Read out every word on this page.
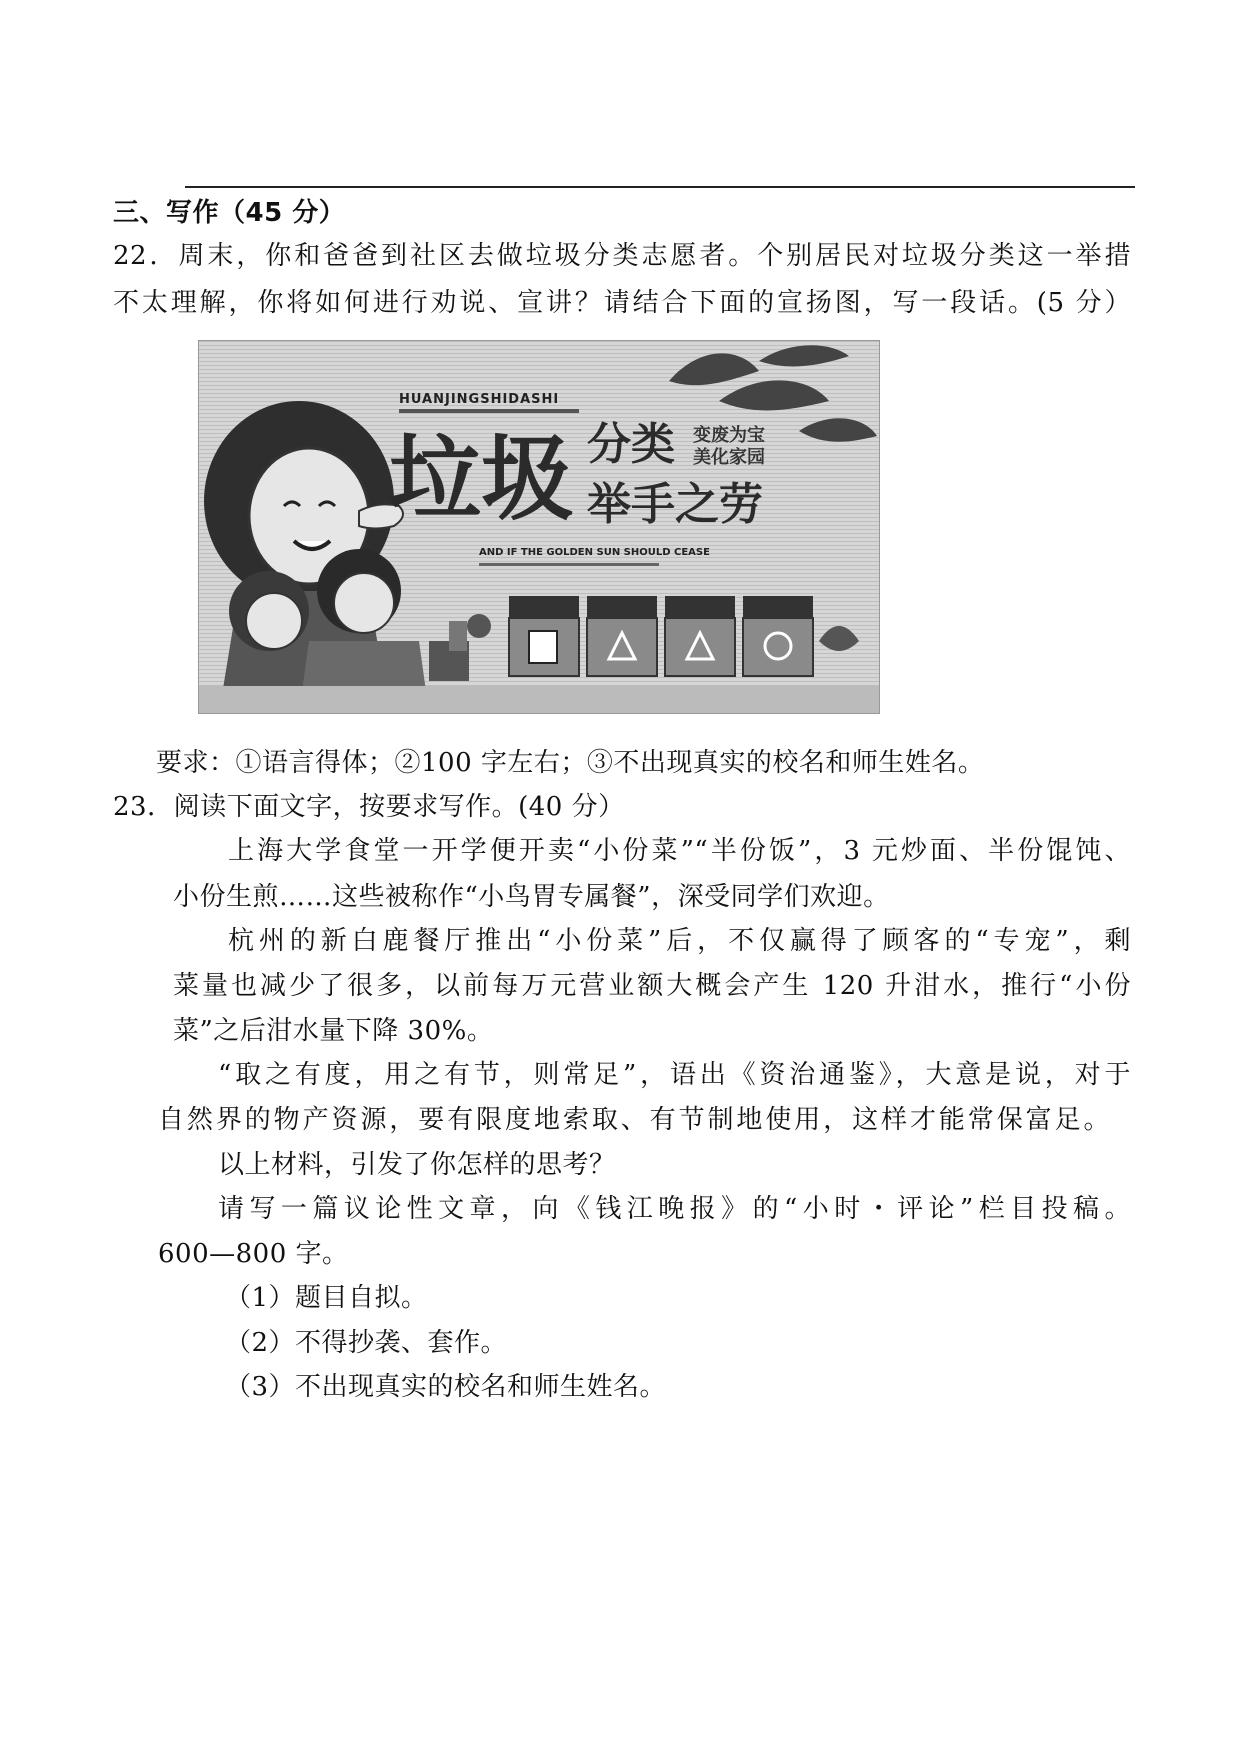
三、写作（45 分）
22．周末，你和爸爸到社区去做垃圾分类志愿者。个别居民对垃圾分类这一举措
不太理解，你将如何进行劝说、宣讲？请结合下面的宣扬图，写一段话。(5 分）
HUANJINGSHIDASHI
垃圾 分类 变废为宝
美化家园
举手之劳
AND IF THE GOLDEN SUN SHOULD CEASE
要求：①语言得体；②100 字左右；③不出现真实的校名和师生姓名。
23．阅读下面文字，按要求写作。(40 分）
上海大学食堂一开学便开卖“小份菜”“半份饭”，3 元炒面、半份馄饨、
小份生煎……这些被称作“小鸟胃专属餐”，深受同学们欢迎。
杭州的新白鹿餐厅推出“小份菜”后，不仅赢得了顾客的“专宠”，剩
菜量也减少了很多，以前每万元营业额大概会产生 120 升泔水，推行“小份
菜”之后泔水量下降 30%。
“取之有度，用之有节，则常足”，语出《资治通鉴》，大意是说，对于
自然界的物产资源，要有限度地索取、有节制地使用，这样才能常保富足。
以上材料，引发了你怎样的思考？
请写一篇议论性文章，向《钱江晚报》的“小时・评论”栏目投稿。
600—800 字。
（1）题目自拟。
（2）不得抄袭、套作。
（3）不出现真实的校名和师生姓名。
